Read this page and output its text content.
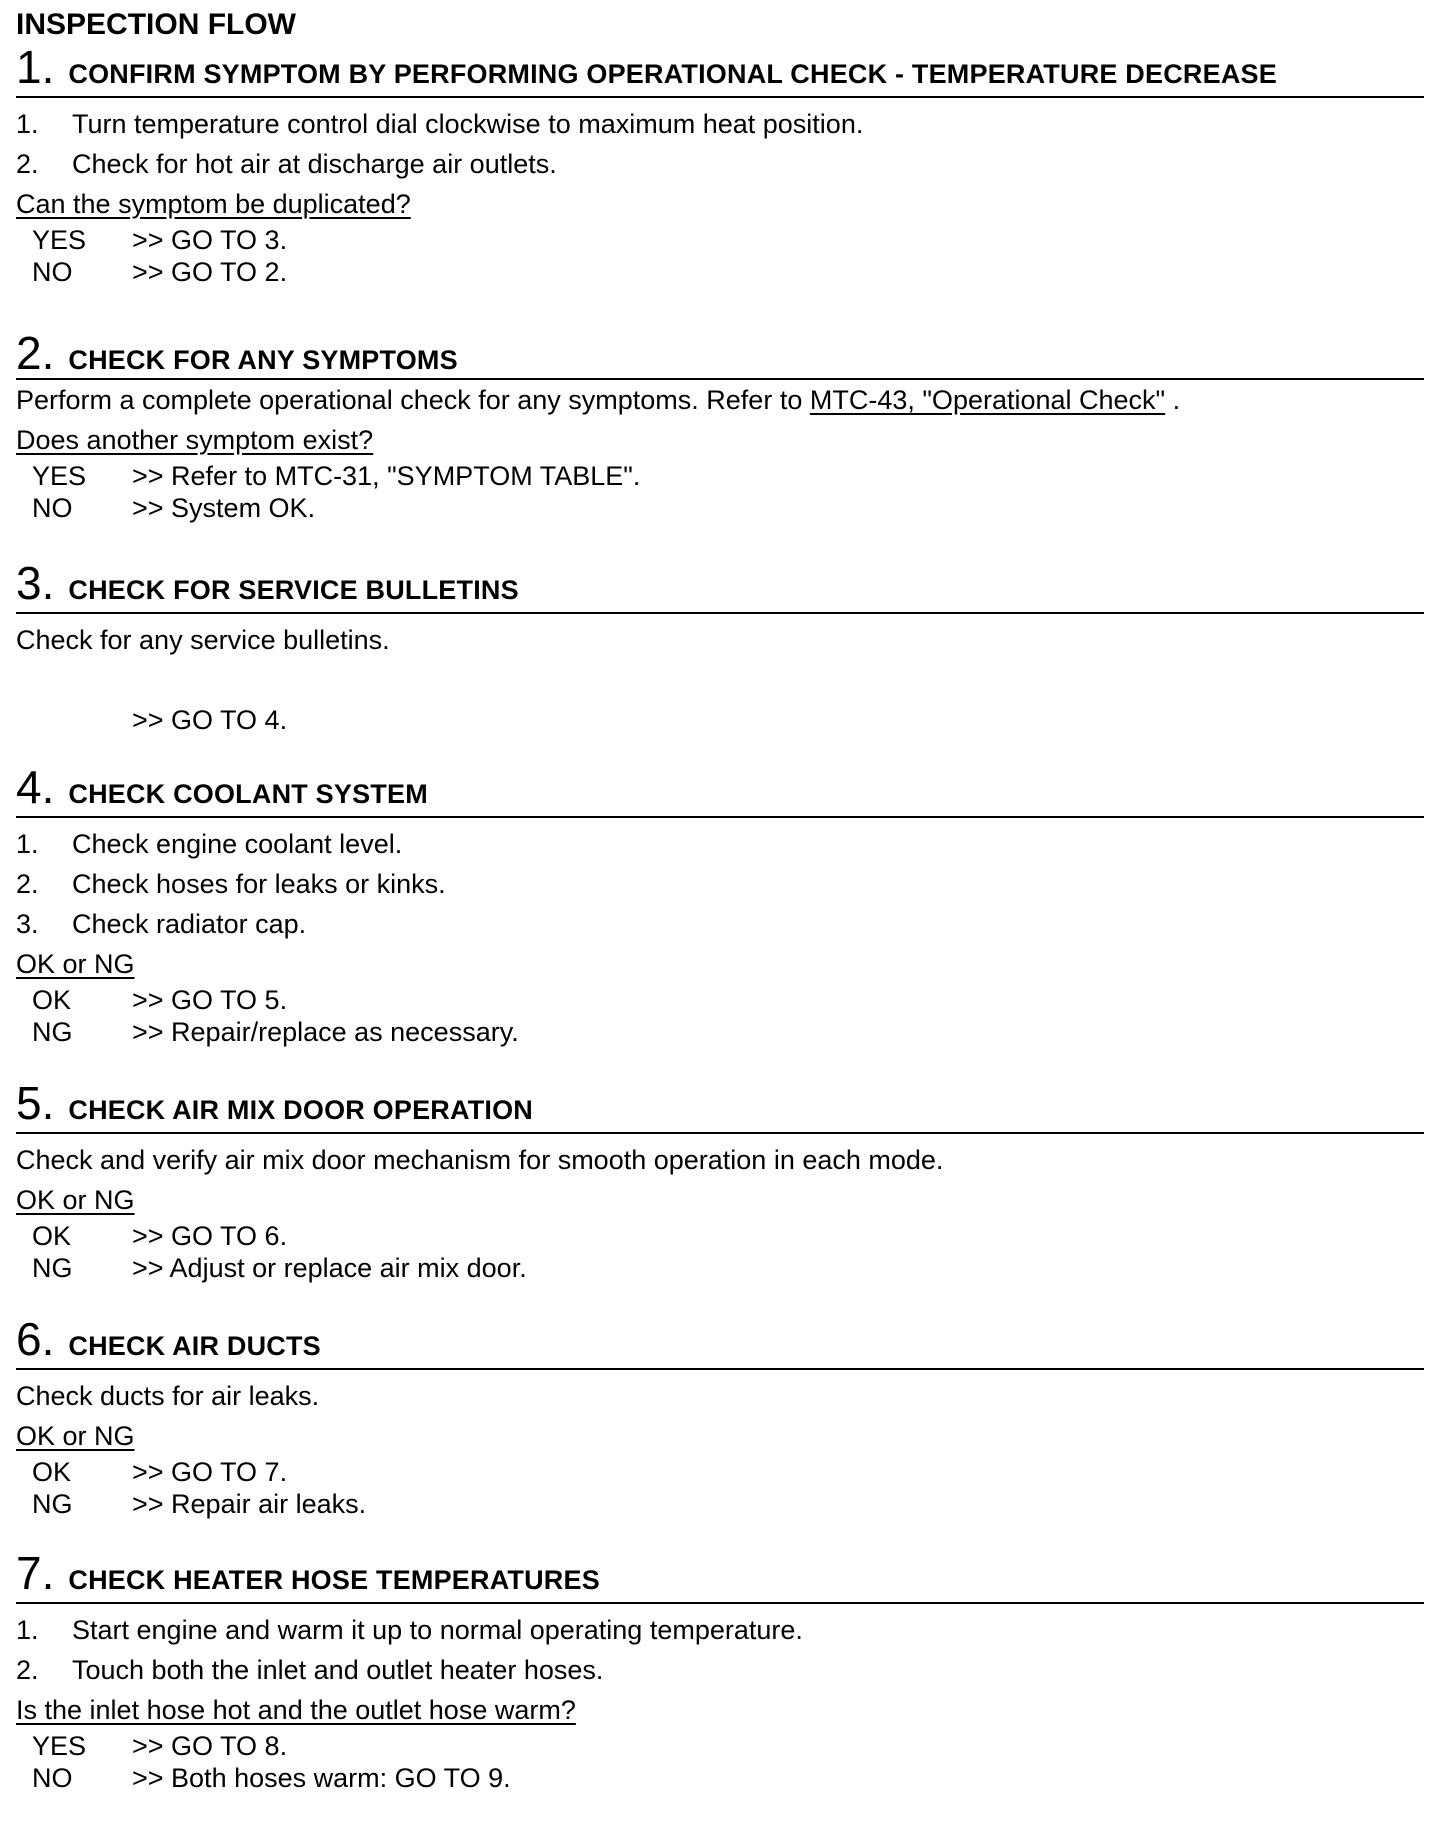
INSPECTION FLOW
1. CONFIRM SYMPTOM BY PERFORMING OPERATIONAL CHECK - TEMPERATURE DECREASE
1.	Turn temperature control dial clockwise to maximum heat position.
2.	Check for hot air at discharge air outlets.
Can the symptom be duplicated?
YES	>> GO TO 3.
NO	>> GO TO 2.
2. CHECK FOR ANY SYMPTOMS
Perform a complete operational check for any symptoms. Refer to MTC-43, "Operational Check" .
Does another symptom exist?
YES	>> Refer to MTC-31, "SYMPTOM TABLE".
NO	>> System OK.
3. CHECK FOR SERVICE BULLETINS
Check for any service bulletins.
>> GO TO 4.
4. CHECK COOLANT SYSTEM
1.	Check engine coolant level.
2.	Check hoses for leaks or kinks.
3.	Check radiator cap.
OK or NG
OK	>> GO TO 5.
NG	>> Repair/replace as necessary.
5. CHECK AIR MIX DOOR OPERATION
Check and verify air mix door mechanism for smooth operation in each mode.
OK or NG
OK	>> GO TO 6.
NG	>> Adjust or replace air mix door.
6. CHECK AIR DUCTS
Check ducts for air leaks.
OK or NG
OK	>> GO TO 7.
NG	>> Repair air leaks.
7. CHECK HEATER HOSE TEMPERATURES
1.	Start engine and warm it up to normal operating temperature.
2.	Touch both the inlet and outlet heater hoses.
Is the inlet hose hot and the outlet hose warm?
YES	>> GO TO 8.
NO	>> Both hoses warm: GO TO 9.
